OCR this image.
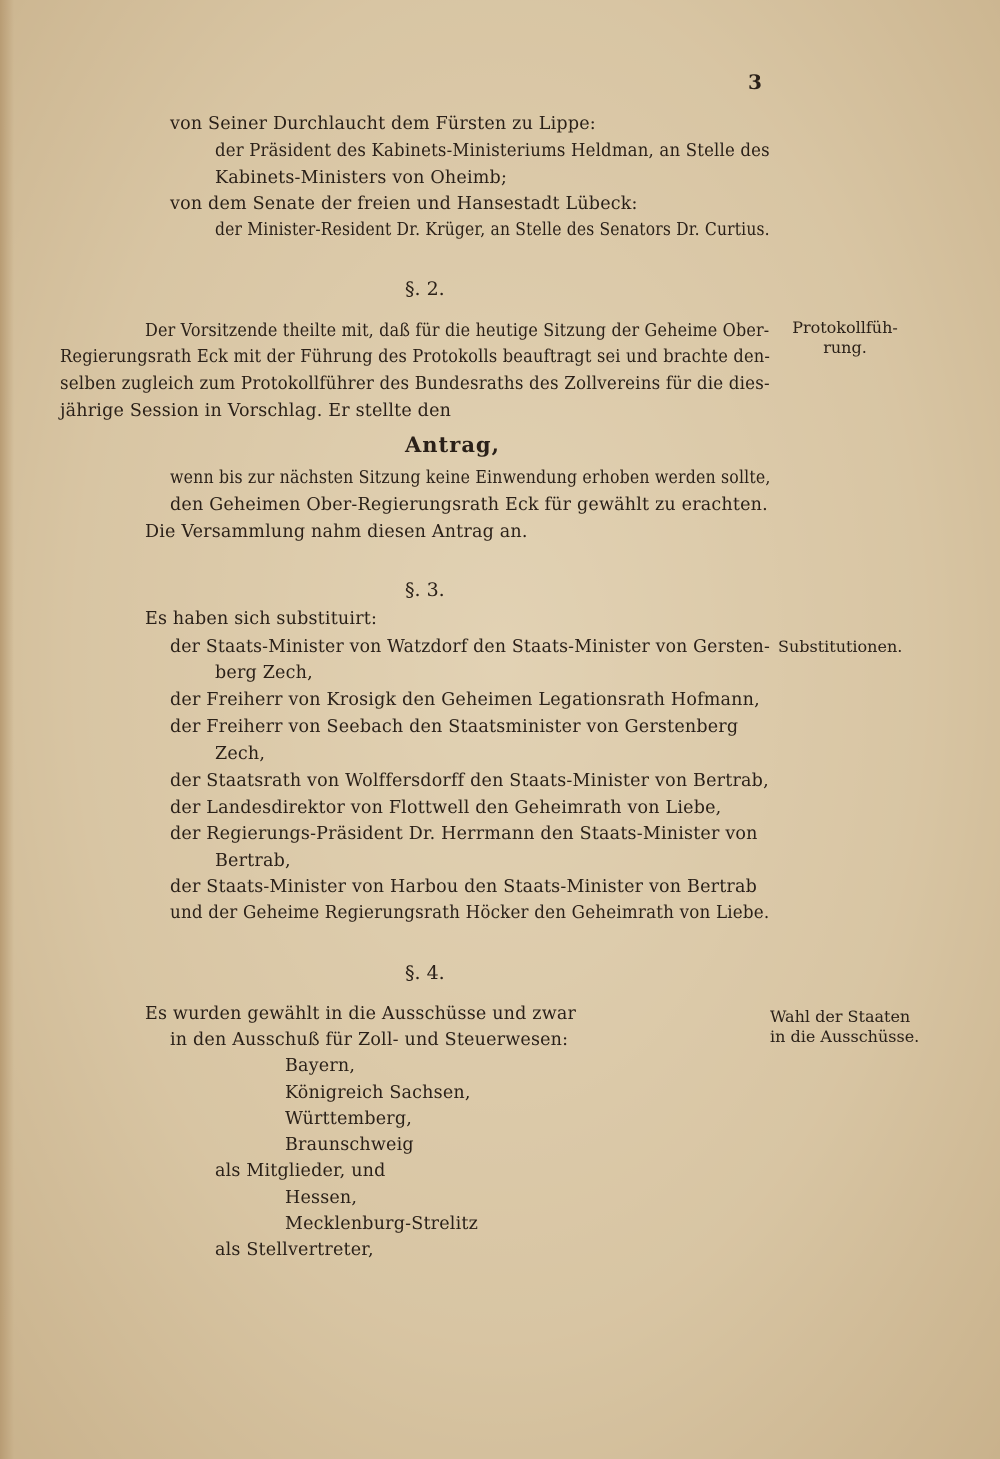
3
von Seiner Durchlaucht dem Fürsten zu Lippe:
der Präsident des Kabinets-Ministeriums Heldman, an Stelle des
Kabinets-Ministers von Oheimb;
von dem Senate der freien und Hansestadt Lübeck:
der Minister-Resident Dr. Krüger, an Stelle des Senators Dr. Curtius.
§. 2.
Protokollfüh-
rung.
Der Vorsitzende theilte mit, daß für die heutige Sitzung der Geheime Ober-
Regierungsrath Eck mit der Führung des Protokolls beauftragt sei und brachte den-
selben zugleich zum Protokollführer des Bundesraths des Zollvereins für die dies-
jährige Session in Vorschlag. Er stellte den
Antrag,
wenn bis zur nächsten Sitzung keine Einwendung erhoben werden sollte,
den Geheimen Ober-Regierungsrath Eck für gewählt zu erachten.
Die Versammlung nahm diesen Antrag an.
§. 3.
Substitutionen.
Es haben sich substituirt:
der Staats-Minister von Watzdorf den Staats-Minister von Gersten-
berg Zech,
der Freiherr von Krosigk den Geheimen Legationsrath Hofmann,
der Freiherr von Seebach den Staatsminister von Gerstenberg
Zech,
der Staatsrath von Wolffersdorff den Staats-Minister von Bertrab,
der Landesdirektor von Flottwell den Geheimrath von Liebe,
der Regierungs-Präsident Dr. Herrmann den Staats-Minister von
Bertrab,
der Staats-Minister von Harbou den Staats-Minister von Bertrab
und der Geheime Regierungsrath Höcker den Geheimrath von Liebe.
§. 4.
Wahl der Staaten
in die Ausschüsse.
Es wurden gewählt in die Ausschüsse und zwar
in den Ausschuß für Zoll- und Steuerwesen:
Bayern,
Königreich Sachsen,
Württemberg,
Braunschweig
als Mitglieder, und
Hessen,
Mecklenburg-Strelitz
als Stellvertreter,
